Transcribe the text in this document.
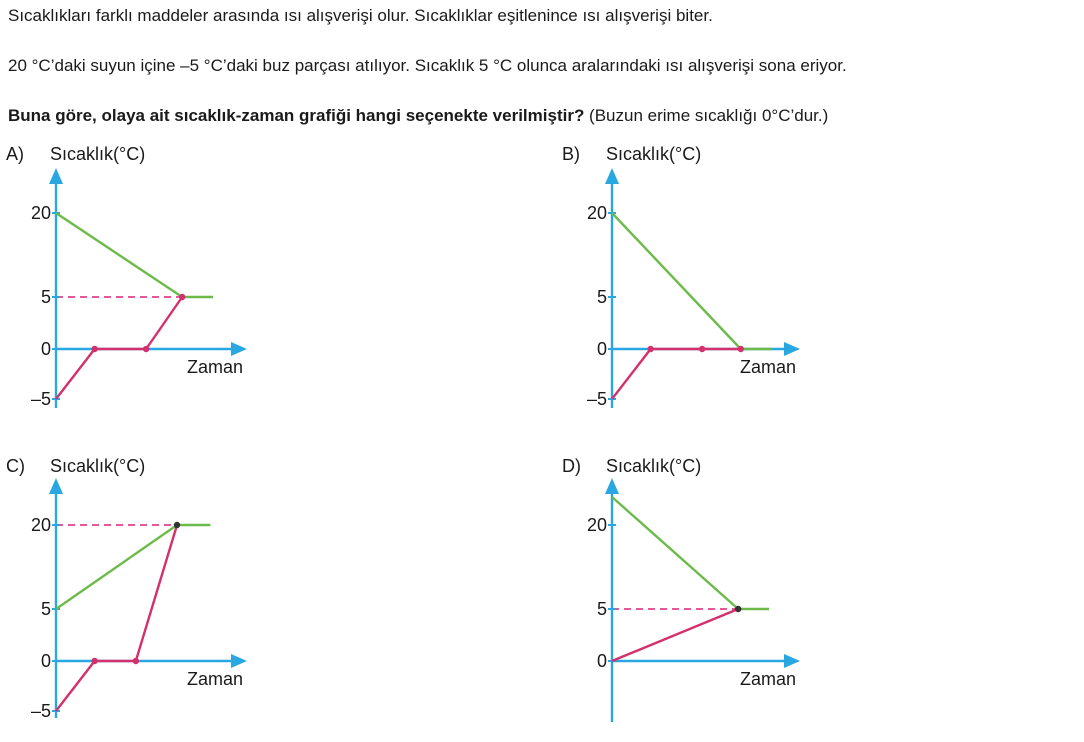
Sıcaklıkları farklı maddeler arasında ısı alışverişi olur. Sıcaklıklar eşitlenince ısı alışverişi biter.

20 °C’daki suyun içine –5 °C’daki buz parçası atılıyor. Sıcaklık 5 °C olunca aralarındaki ısı alışverişi sona eriyor.

Buna göre, olaya ait sıcaklık-zaman grafiği hangi seçenekte verilmiştir? (Buzun erime sıcaklığı 0°C’dur.)

A) Sıcaklık(°C)
Zaman
20
5
0
–5
B) Sıcaklık(°C)
Zaman
20
5
0
–5
C) Sıcaklık(°C)
Zaman
20
5
0
–5
D) Sıcaklık(°C)
Zaman
20
5
0
